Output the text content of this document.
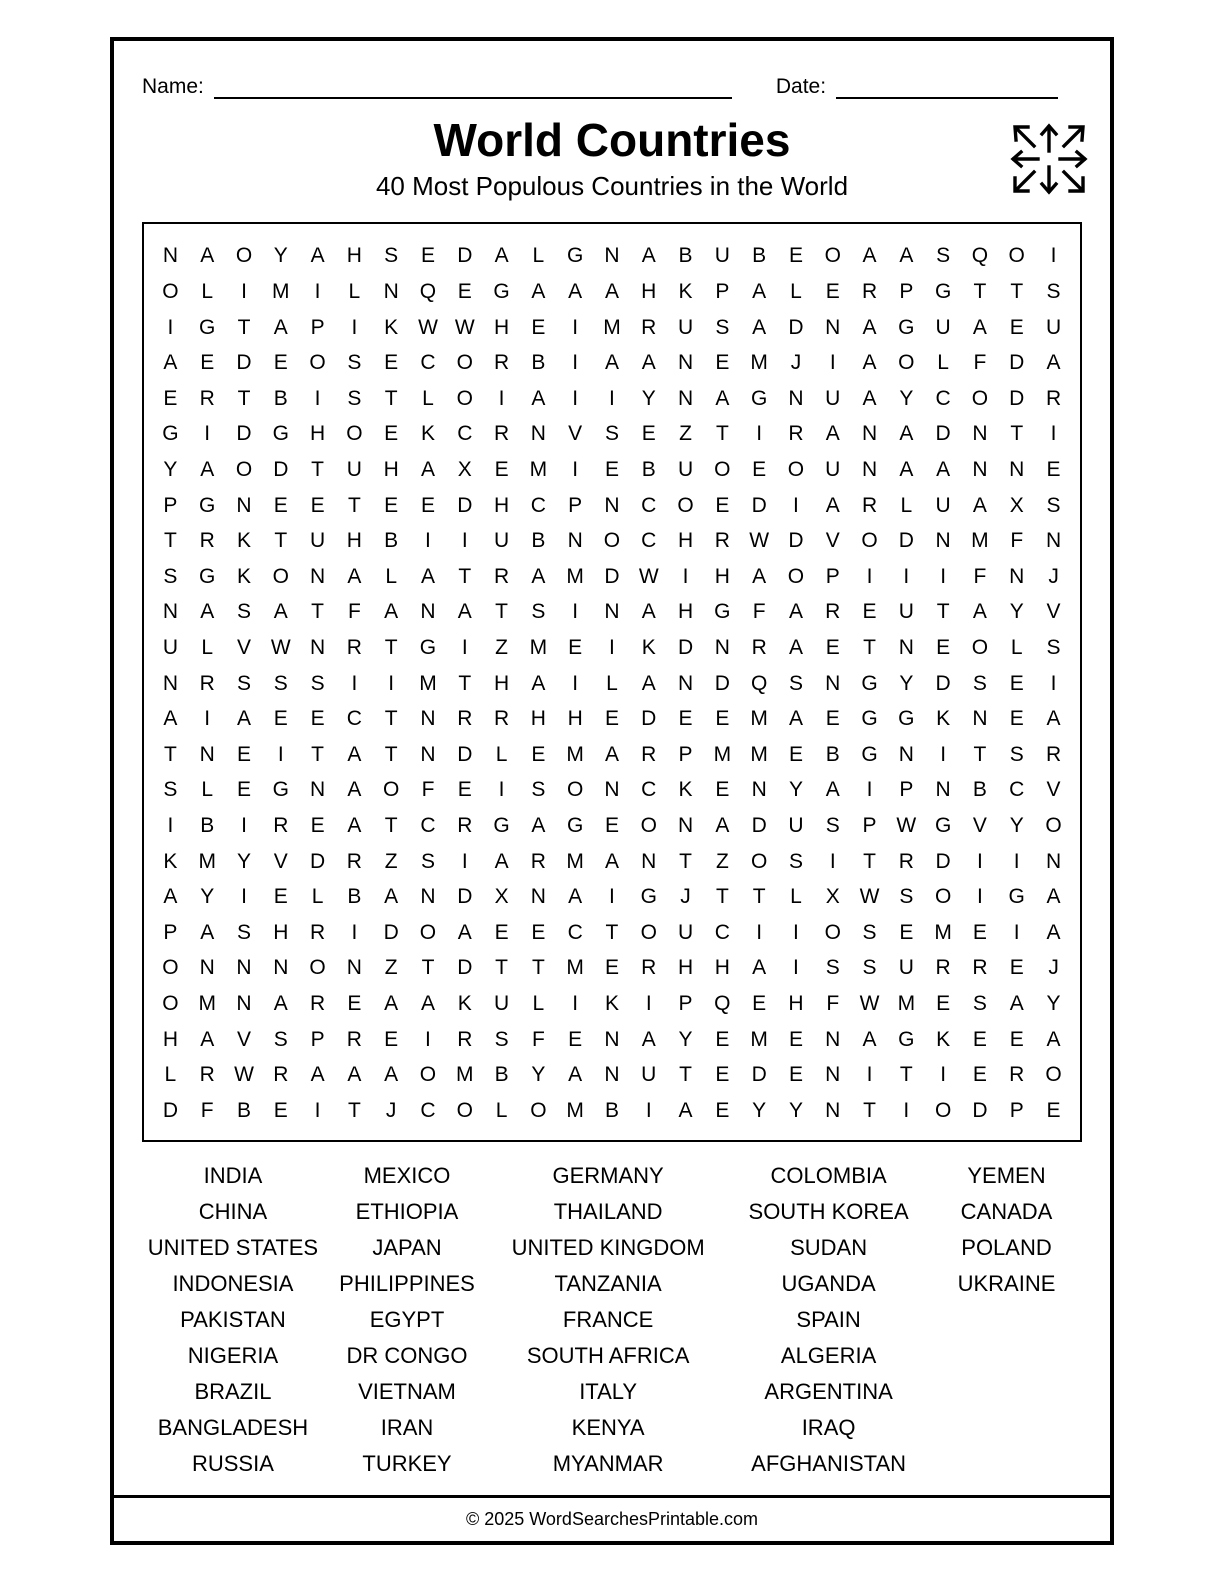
Name:	Date:
World Countries
40 Most Populous Countries in the World
N	A	O	Y	A	H	S	E	D	A	L	G	N	A	B	U	B	E	O	A	A	S	Q	O	I
O	L	I	M	I	L	N	Q	E	G	A	A	A	H	K	P	A	L	E	R	P	G	T	T	S
I	G	T	A	P	I	K	W	W	H	E	I	M	R	U	S	A	D	N	A	G	U	A	E	U
A	E	D	E	O	S	E	C	O	R	B	I	A	A	N	E	M	J	I	A	O	L	F	D	A
E	R	T	B	I	S	T	L	O	I	A	I	I	Y	N	A	G	N	U	A	Y	C	O	D	R
G	I	D	G	H	O	E	K	C	R	N	V	S	E	Z	T	I	R	A	N	A	D	N	T	I
Y	A	O	D	T	U	H	A	X	E	M	I	E	B	U	O	E	O	U	N	A	A	N	N	E
P	G	N	E	E	T	E	E	D	H	C	P	N	C	O	E	D	I	A	R	L	U	A	X	S
T	R	K	T	U	H	B	I	I	U	B	N	O	C	H	R	W	D	V	O	D	N	M	F	N
S	G	K	O	N	A	L	A	T	R	A	M	D	W	I	H	A	O	P	I	I	I	F	N	J
N	A	S	A	T	F	A	N	A	T	S	I	N	A	H	G	F	A	R	E	U	T	A	Y	V
U	L	V	W	N	R	T	G	I	Z	M	E	I	K	D	N	R	A	E	T	N	E	O	L	S
N	R	S	S	S	I	I	M	T	H	A	I	L	A	N	D	Q	S	N	G	Y	D	S	E	I
A	I	A	E	E	C	T	N	R	R	H	H	E	D	E	E	M	A	E	G	G	K	N	E	A
T	N	E	I	T	A	T	N	D	L	E	M	A	R	P	M	M	E	B	G	N	I	T	S	R
S	L	E	G	N	A	O	F	E	I	S	O	N	C	K	E	N	Y	A	I	P	N	B	C	V
I	B	I	R	E	A	T	C	R	G	A	G	E	O	N	A	D	U	S	P	W	G	V	Y	O
K	M	Y	V	D	R	Z	S	I	A	R	M	A	N	T	Z	O	S	I	T	R	D	I	I	N
A	Y	I	E	L	B	A	N	D	X	N	A	I	G	J	T	T	L	X	W	S	O	I	G	A
P	A	S	H	R	I	D	O	A	E	E	C	T	O	U	C	I	I	O	S	E	M	E	I	A
O	N	N	N	O	N	Z	T	D	T	T	M	E	R	H	H	A	I	S	S	U	R	R	E	J
O	M	N	A	R	E	A	A	K	U	L	I	K	I	P	Q	E	H	F	W	M	E	S	A	Y
H	A	V	S	P	R	E	I	R	S	F	E	N	A	Y	E	M	E	N	A	G	K	E	E	A
L	R	W	R	A	A	A	O	M	B	Y	A	N	U	T	E	D	E	N	I	T	I	E	R	O
D	F	B	E	I	T	J	C	O	L	O	M	B	I	A	E	Y	Y	N	T	I	O	D	P	E
INDIA	MEXICO	GERMANY	COLOMBIA	YEMEN
CHINA	ETHIOPIA	THAILAND	SOUTH KOREA	CANADA
UNITED STATES	JAPAN	UNITED KINGDOM	SUDAN	POLAND
INDONESIA	PHILIPPINES	TANZANIA	UGANDA	UKRAINE
PAKISTAN	EGYPT	FRANCE	SPAIN
NIGERIA	DR CONGO	SOUTH AFRICA	ALGERIA
BRAZIL	VIETNAM	ITALY	ARGENTINA
BANGLADESH	IRAN	KENYA	IRAQ
RUSSIA	TURKEY	MYANMAR	AFGHANISTAN
© 2025 WordSearchesPrintable.com
